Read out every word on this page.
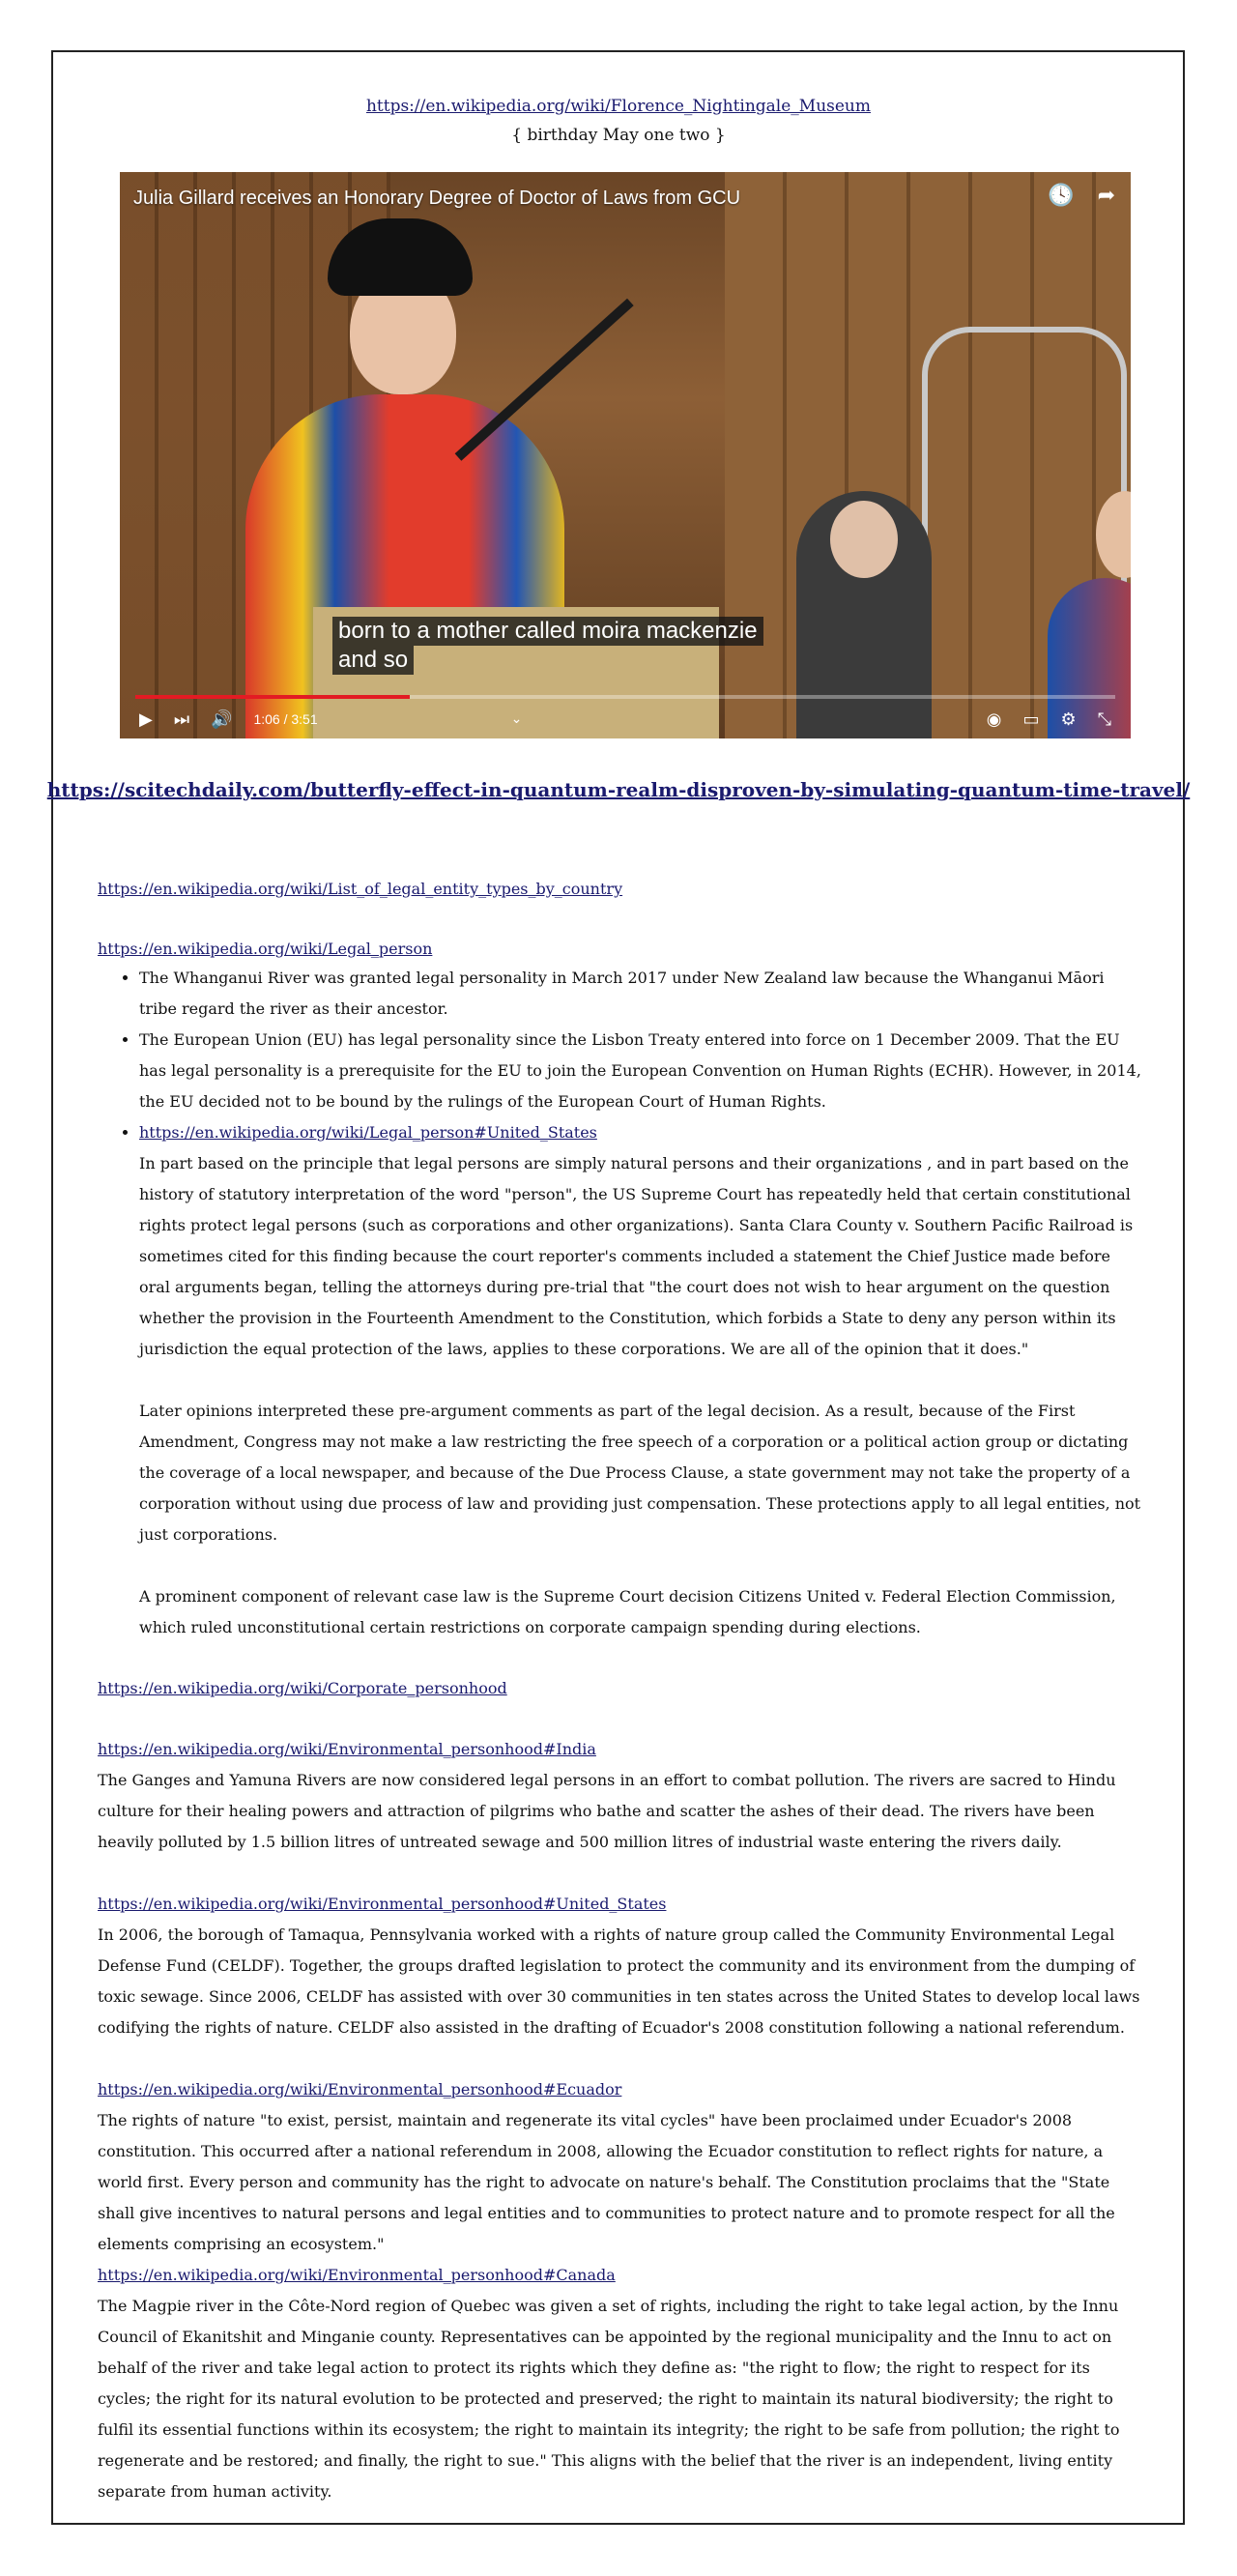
https://en.wikipedia.org/wiki/Florence_Nightingale_Museum
{ birthday May one two }
Julia Gillard receives an Honorary Degree of Doctor of Laws from GCU	🕓 ➦
born to a mother called moira mackenzie
and so
▶ ⏭ 🔊 1:06 / 3:51	⌄	◉ ▭ ⚙ ⤡
https://scitechdaily.com/butterfly-effect-in-quantum-realm-disproven-by-simulating-quantum-time-travel/
https://en.wikipedia.org/wiki/List_of_legal_entity_types_by_country
https://en.wikipedia.org/wiki/Legal_person
• The Whanganui River was granted legal personality in March 2017 under New Zealand law because the Whanganui Māori tribe regard the river as their ancestor.
• The European Union (EU) has legal personality since the Lisbon Treaty entered into force on 1 December 2009. That the EU has legal personality is a prerequisite for the EU to join the European Convention on Human Rights (ECHR). However, in 2014, the EU decided not to be bound by the rulings of the European Court of Human Rights.
• https://en.wikipedia.org/wiki/Legal_person#United_States

In part based on the principle that legal persons are simply natural persons and their organizations , and in part based on the history of statutory interpretation of the word "person", the US Supreme Court has repeatedly held that certain constitutional rights protect legal persons (such as corporations and other organizations). Santa Clara County v. Southern Pacific Railroad is sometimes cited for this finding because the court reporter's comments included a statement the Chief Justice made before oral arguments began, telling the attorneys during pre-trial that "the court does not wish to hear argument on the question whether the provision in the Fourteenth Amendment to the Constitution, which forbids a State to deny any person within its jurisdiction the equal protection of the laws, applies to these corporations. We are all of the opinion that it does."

Later opinions interpreted these pre-argument comments as part of the legal decision. As a result, because of the First Amendment, Congress may not make a law restricting the free speech of a corporation or a political action group or dictating the coverage of a local newspaper, and because of the Due Process Clause, a state government may not take the property of a corporation without using due process of law and providing just compensation. These protections apply to all legal entities, not just corporations.

A prominent component of relevant case law is the Supreme Court decision Citizens United v. Federal Election Commission, which ruled unconstitutional certain restrictions on corporate campaign spending during elections.

https://en.wikipedia.org/wiki/Corporate_personhood
https://en.wikipedia.org/wiki/Environmental_personhood#India

The Ganges and Yamuna Rivers are now considered legal persons in an effort to combat pollution. The rivers are sacred to Hindu culture for their healing powers and attraction of pilgrims who bathe and scatter the ashes of their dead. The rivers have been heavily polluted by 1.5 billion litres of untreated sewage and 500 million litres of industrial waste entering the rivers daily.

https://en.wikipedia.org/wiki/Environmental_personhood#United_States

In 2006, the borough of Tamaqua, Pennsylvania worked with a rights of nature group called the Community Environmental Legal Defense Fund (CELDF). Together, the groups drafted legislation to protect the community and its environment from the dumping of toxic sewage. Since 2006, CELDF has assisted with over 30 communities in ten states across the United States to develop local laws codifying the rights of nature. CELDF also assisted in the drafting of Ecuador's 2008 constitution following a national referendum.

https://en.wikipedia.org/wiki/Environmental_personhood#Ecuador

The rights of nature "to exist, persist, maintain and regenerate its vital cycles" have been proclaimed under Ecuador's 2008 constitution. This occurred after a national referendum in 2008, allowing the Ecuador constitution to reflect rights for nature, a world first. Every person and community has the right to advocate on nature's behalf. The Constitution proclaims that the "State shall give incentives to natural persons and legal entities and to communities to protect nature and to promote respect for all the elements comprising an ecosystem."

https://en.wikipedia.org/wiki/Environmental_personhood#Canada

The Magpie river in the Côte-Nord region of Quebec was given a set of rights, including the right to take legal action, by the Innu Council of Ekanitshit and Minganie county. Representatives can be appointed by the regional municipality and the Innu to act on behalf of the river and take legal action to protect its rights which they define as: "the right to flow; the right to respect for its cycles; the right for its natural evolution to be protected and preserved; the right to maintain its natural biodiversity; the right to fulfil its essential functions within its ecosystem; the right to maintain its integrity; the right to be safe from pollution; the right to regenerate and be restored; and finally, the right to sue." This aligns with the belief that the river is an independent, living entity separate from human activity.
